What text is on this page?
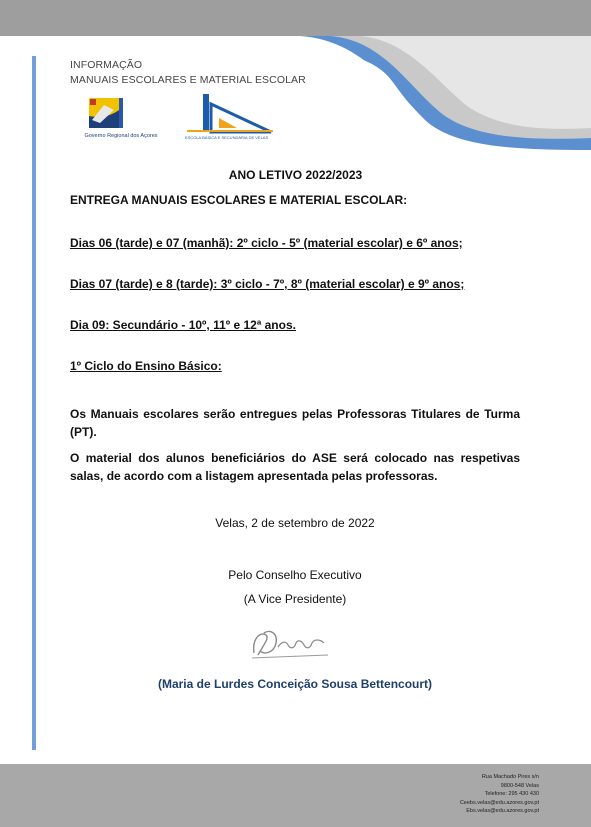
INFORMAÇÃO
MANUAIS ESCOLARES E MATERIAL ESCOLAR
Governo Regional dos Açores	ESCOLA BÁSICA E SECUNDÁRIA DE VELAS
ANO LETIVO 2022/2023
ENTREGA MANUAIS ESCOLARES E MATERIAL ESCOLAR:
Dias 06 (tarde) e 07 (manhã): 2º ciclo - 5º (material escolar) e 6º anos;
Dias 07 (tarde) e 8 (tarde): 3º ciclo - 7º, 8º (material escolar) e 9º anos;
Dia 09: Secundário - 10º, 11º e 12ª anos.
1º Ciclo do Ensino Básico:
Os Manuais escolares serão entregues pelas Professoras Titulares de Turma (PT).
O material dos alunos beneficiários do ASE será colocado nas respetivas salas, de acordo com a listagem apresentada pelas professoras.
Velas, 2 de setembro de 2022
Pelo Conselho Executivo
(A Vice Presidente)
(Maria de Lurdes Conceição Sousa Bettencourt)
Rua Machado Pires s/n
9800-548 Velas
Telefone: 295 430 430
Ceebs.velas@edu.azores.gov.pt
Ebs.velas@edu.azores.gov.pt
